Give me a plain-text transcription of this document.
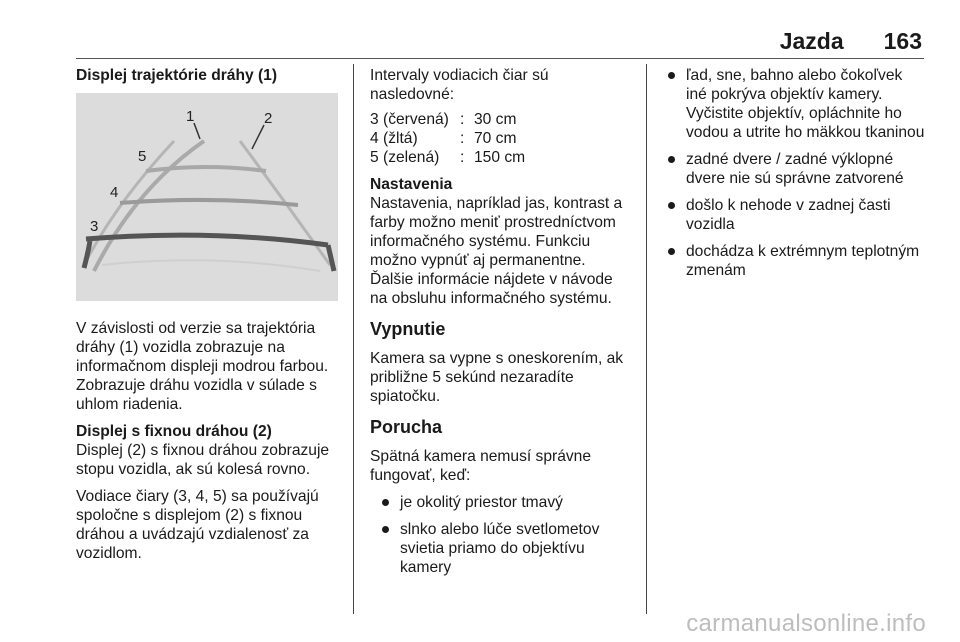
Jazda 163

Displej trajektórie dráhy (1)

1	2
3
4
5

V závislosti od verzie sa trajektória dráhy (1) vozidla zobrazuje na informačnom displeji modrou farbou. Zobrazuje dráhu vozidla v súlade s uhlom riadenia.

Displej s fixnou dráhou (2)

Displej (2) s fixnou dráhou zobrazuje stopu vozidla, ak sú kolesá rovno.

Vodiace čiary (3, 4, 5) sa používajú spoločne s displejom (2) s fixnou dráhou a uvádzajú vzdialenosť za vozidlom.

Intervaly vodiacich čiar sú nasledovné:

3 (červená)	:	30 cm
4 (žltá)	:	70 cm
5 (zelená)	:	150 cm

Nastavenia

Nastavenia, napríklad jas, kontrast a farby možno meniť prostredníctvom informačného systému. Funkciu možno vypnúť aj permanentne. Ďalšie informácie nájdete v návode na obsluhu informačného systému.

Vypnutie

Kamera sa vypne s oneskorením, ak približne 5 sekúnd nezaradíte spiatočku.

Porucha

Spätná kamera nemusí správne fungovať, keď:

je okolitý priestor tmavý
slnko alebo lúče svetlometov svietia priamo do objektívu kamery
ľad, sne, bahno alebo čokoľvek iné pokrýva objektív kamery. Vyčistite objektív, opláchnite ho vodou a utrite ho mäkkou tkaninou
zadné dvere / zadné výklopné dvere nie sú správne zatvorené
došlo k nehode v zadnej časti vozidla
dochádza k extrémnym teplotným zmenám
carmanualsonline.info
